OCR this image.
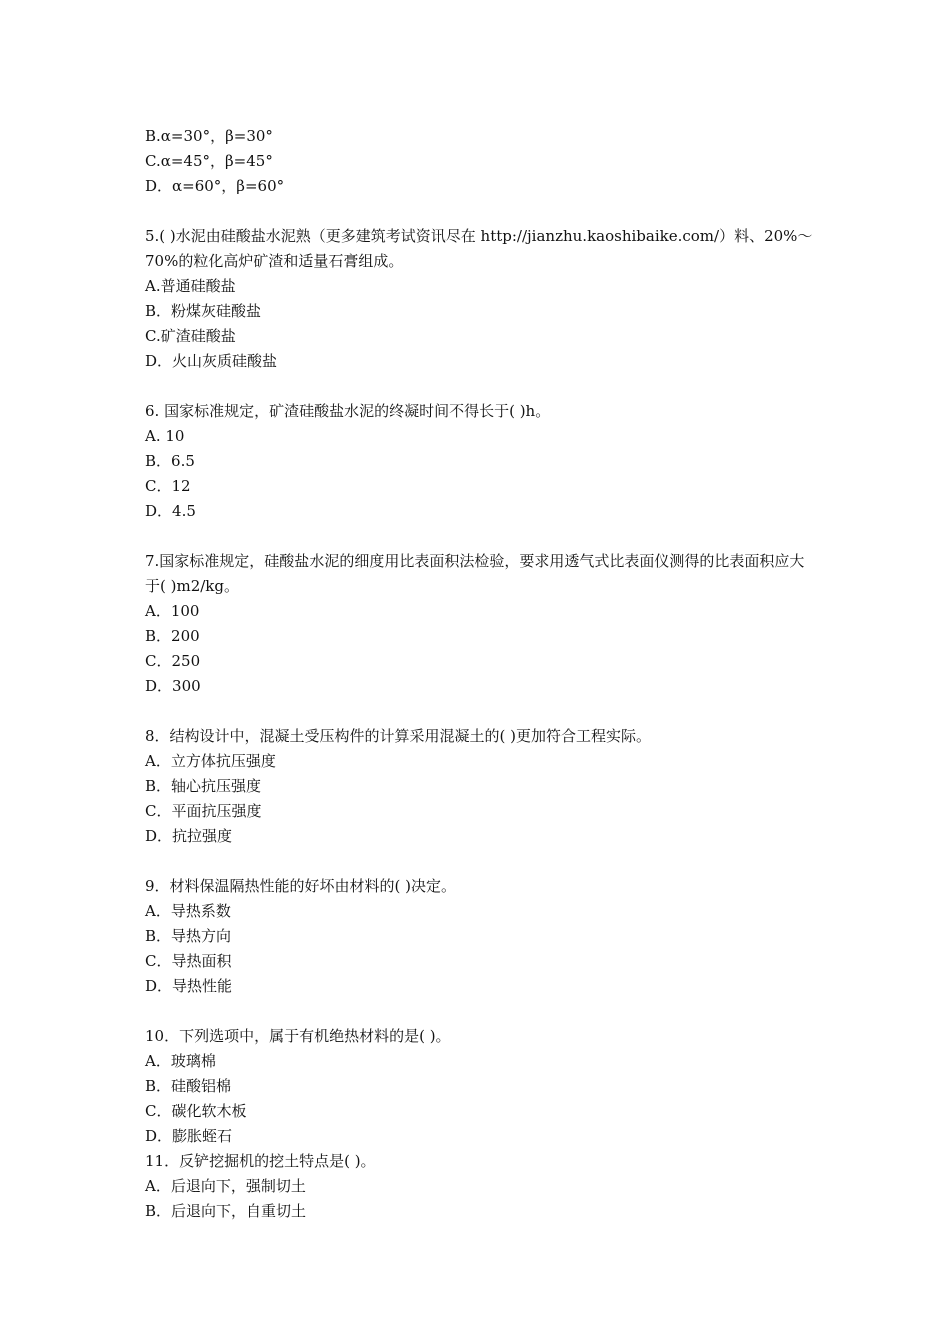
B.α=30°，β=30°
C.α=45°，β=45°
D．α=60°，β=60°
5.( )水泥由硅酸盐水泥熟（更多建筑考试资讯尽在 http://jianzhu.kaoshibaike.com/）料、20%～70%的粒化高炉矿渣和适量石膏组成。
A.普通硅酸盐
B．粉煤灰硅酸盐
C.矿渣硅酸盐
D．火山灰质硅酸盐
6. 国家标准规定，矿渣硅酸盐水泥的终凝时间不得长于( )h。
A. 10
B．6.5
C．12
D．4.5
7.国家标准规定，硅酸盐水泥的细度用比表面积法检验，要求用透气式比表面仪测得的比表面积应大于( )m2/kg。
A．100
B．200
C．250
D．300
8．结构设计中，混凝土受压构件的计算采用混凝土的( )更加符合工程实际。
A．立方体抗压强度
B．轴心抗压强度
C．平面抗压强度
D．抗拉强度
9．材料保温隔热性能的好坏由材料的( )决定。
A．导热系数
B．导热方向
C．导热面积
D．导热性能
10．下列选项中，属于有机绝热材料的是( )。
A．玻璃棉
B．硅酸铝棉
C．碳化软木板
D．膨胀蛭石
11．反铲挖掘机的挖土特点是( )。
A．后退向下，强制切土
B．后退向下，自重切土
